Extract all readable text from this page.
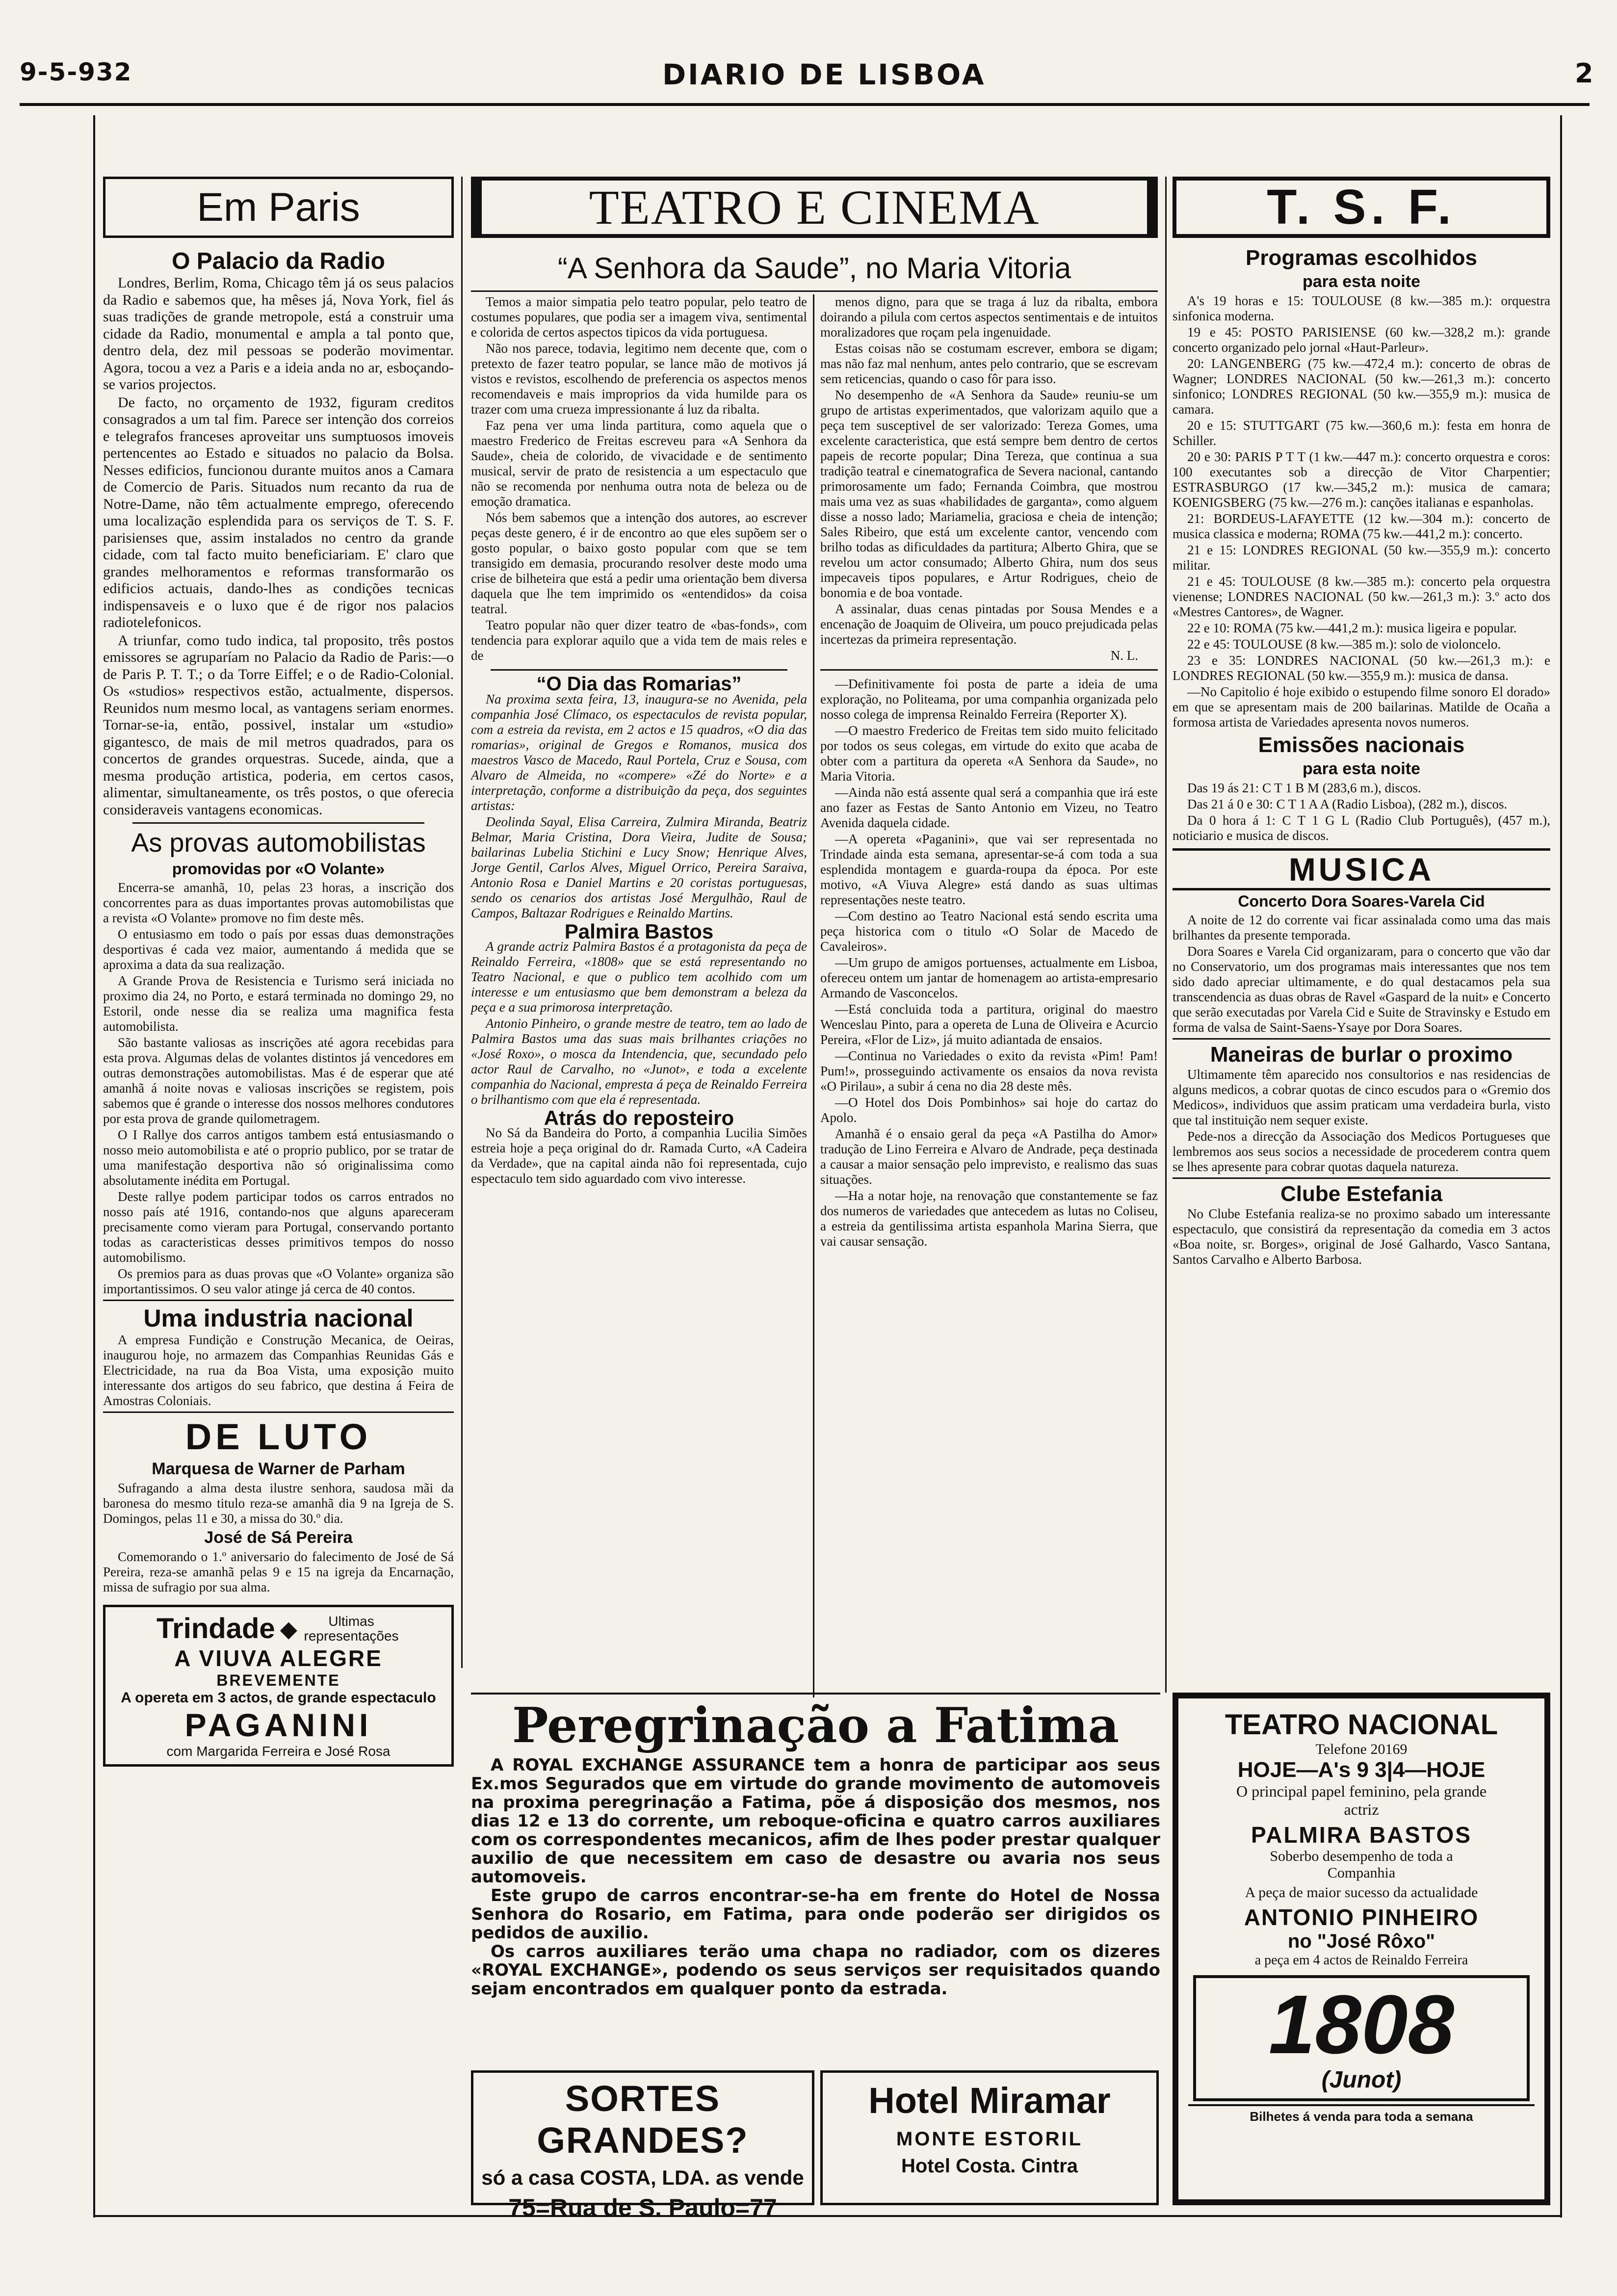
9-5-932	DIARIO DE LISBOA	2
Em Paris
O Palacio da Radio

Londres, Berlim, Roma, Chicago têm já os seus palacios da Radio e sabemos que, ha mêses já, Nova York, fiel ás suas tradições de grande metropole, está a construir uma cidade da Radio, monumental e ampla a tal ponto que, dentro dela, dez mil pessoas se poderão movimentar. Agora, tocou a vez a Paris e a ideia anda no ar, esboçando-se varios projectos.

De facto, no orçamento de 1932, figuram creditos consagrados a um tal fim. Parece ser intenção dos correios e telegrafos franceses aproveitar uns sumptuosos imoveis pertencentes ao Estado e situados no palacio da Bolsa. Nesses edificios, funcionou durante muitos anos a Camara de Comercio de Paris. Situados num recanto da rua de Notre-Dame, não têm actualmente emprego, oferecendo uma localização esplendida para os serviços de T. S. F. parisienses que, assim instalados no centro da grande cidade, com tal facto muito beneficiariam. E' claro que grandes melhoramentos e reformas transformarão os edificios actuais, dando-lhes as condições tecnicas indispensaveis e o luxo que é de rigor nos palacios radiotelefonicos.

A triunfar, como tudo indica, tal proposito, três postos emissores se agruparíam no Palacio da Radio de Paris:—o de Paris P. T. T.; o da Torre Eiffel; e o de Radio-Colonial. Os «studios» respectivos estão, actualmente, dispersos. Reunidos num mesmo local, as vantagens seriam enormes. Tornar-se-ia, então, possivel, instalar um «studio» gigantesco, de mais de mil metros quadrados, para os concertos de grandes orquestras. Sucede, ainda, que a mesma produção artistica, poderia, em certos casos, alimentar, simultaneamente, os três postos, o que oferecia consideraveis vantagens economicas.

As provas automobilistas
promovidas por «O Volante»

Encerra-se amanhã, 10, pelas 23 horas, a inscrição dos concorrentes para as duas importantes provas automobilistas que a revista «O Volante» promove no fim deste mês.

O entusiasmo em todo o país por essas duas demonstrações desportivas é cada vez maior, aumentando á medida que se aproxima a data da sua realização.

A Grande Prova de Resistencia e Turismo será iniciada no proximo dia 24, no Porto, e estará terminada no domingo 29, no Estoril, onde nesse dia se realiza uma magnifica festa automobilista.

São bastante valiosas as inscrições até agora recebidas para esta prova. Algumas delas de volantes distintos já vencedores em outras demonstrações automobilistas. Mas é de esperar que até amanhã á noite novas e valiosas inscrições se registem, pois sabemos que é grande o interesse dos nossos melhores condutores por esta prova de grande quilometragem.

O I Rallye dos carros antigos tambem está entusiasmando o nosso meio automobilista e até o proprio publico, por se tratar de uma manifestação desportiva não só originalissima como absolutamente inédita em Portugal.

Deste rallye podem participar todos os carros entrados no nosso país até 1916, contando-nos que alguns apareceram precisamente como vieram para Portugal, conservando portanto todas as caracteristicas desses primitivos tempos do nosso automobilismo.

Os premios para as duas provas que «O Volante» organiza são importantissimos. O seu valor atinge já cerca de 40 contos.

Uma industria nacional

A empresa Fundição e Construção Mecanica, de Oeiras, inaugurou hoje, no armazem das Companhias Reunidas Gás e Electricidade, na rua da Boa Vista, uma exposição muito interessante dos artigos do seu fabrico, que destina á Feira de Amostras Coloniais.

DE LUTO
Marquesa de Warner de Parham
Sufragando a alma desta ilustre senhora, saudosa mãi da baronesa do mesmo titulo reza-se amanhã dia 9 na Igreja de S. Domingos, pelas 11 e 30, a missa do 30.º dia.
José de Sá Pereira
Comemorando o 1.º aniversario do falecimento de José de Sá Pereira, reza-se amanhã pelas 9 e 15 na igreja da Encarnação, missa de sufragio por sua alma.
Trindade ◆	Ultimas representações
A VIUVA ALEGRE
BREVEMENTE
A opereta em 3 actos, de grande espectaculo
PAGANINI
com Margarida Ferreira e José Rosa
TEATRO E CINEMA
“A Senhora da Saude”, no Maria Vitoria

Temos a maior simpatia pelo teatro popular, pelo teatro de costumes populares, que podia ser a imagem viva, sentimental e colorida de certos aspectos tipicos da vida portuguesa.

Não nos parece, todavia, legitimo nem decente que, com o pretexto de fazer teatro popular, se lance mão de motivos já vistos e revistos, escolhendo de preferencia os aspectos menos recomendaveis e mais improprios da vida humilde para os trazer com uma crueza impressionante á luz da ribalta.

Faz pena ver uma linda partitura, como aquela que o maestro Frederico de Freitas escreveu para «A Senhora da Saude», cheia de colorido, de vivacidade e de sentimento musical, servir de prato de resistencia a um espectaculo que não se recomenda por nenhuma outra nota de beleza ou de emoção dramatica.

Nós bem sabemos que a intenção dos autores, ao escrever peças deste genero, é ir de encontro ao que eles supõem ser o gosto popular, o baixo gosto popular com que se tem transigido em demasia, procurando resolver deste modo uma crise de bilheteira que está a pedir uma orientação bem diversa daquela que lhe tem imprimido os «entendidos» da coisa teatral.

Teatro popular não quer dizer teatro de «bas-fonds», com tendencia para explorar aquilo que a vida tem de mais reles e de

“O Dia das Romarias”

Na proxima sexta feira, 13, inaugura-se no Avenida, pela companhia José Clímaco, os espectaculos de revista popular, com a estreia da revista, em 2 actos e 15 quadros, «O dia das romarias», original de Gregos e Romanos, musica dos maestros Vasco de Macedo, Raul Portela, Cruz e Sousa, com Alvaro de Almeida, no «compere» «Zé do Norte» e a interpretação, conforme a distribuição da peça, dos seguintes artistas:

Deolinda Sayal, Elisa Carreira, Zulmira Miranda, Beatriz Belmar, Maria Cristina, Dora Vieira, Judite de Sousa; bailarinas Lubelia Stichini e Lucy Snow; Henrique Alves, Jorge Gentil, Carlos Alves, Miguel Orrico, Pereira Saraiva, Antonio Rosa e Daniel Martins e 20 coristas portuguesas, sendo os cenarios dos artistas José Mergulhão, Raul de Campos, Baltazar Rodrigues e Reinaldo Martins.

Palmira Bastos

A grande actriz Palmira Bastos é a protagonista da peça de Reinaldo Ferreira, «1808» que se está representando no Teatro Nacional, e que o publico tem acolhido com um interesse e um entusiasmo que bem demonstram a beleza da peça e a sua primorosa interpretação.

Antonio Pinheiro, o grande mestre de teatro, tem ao lado de Palmira Bastos uma das suas mais brilhantes criações no «José Roxo», o mosca da Intendencia, que, secundado pelo actor Raul de Carvalho, no «Junot», e toda a excelente companhia do Nacional, empresta á peça de Reinaldo Ferreira o brilhantismo com que ela é representada.

Atrás do reposteiro

No Sá da Bandeira do Porto, a companhia Lucilia Simões estreia hoje a peça original do dr. Ramada Curto, «A Cadeira da Verdade», que na capital ainda não foi representada, cujo espectaculo tem sido aguardado com vivo interesse.

menos digno, para que se traga á luz da ribalta, embora doirando a pilula com certos aspectos sentimentais e de intuitos moralizadores que roçam pela ingenuidade.

Estas coisas não se costumam escrever, embora se digam; mas não faz mal nenhum, antes pelo contrario, que se escrevam sem reticencias, quando o caso fôr para isso.

No desempenho de «A Senhora da Saude» reuniu-se um grupo de artistas experimentados, que valorizam aquilo que a peça tem susceptivel de ser valorizado: Tereza Gomes, uma excelente caracteristica, que está sempre bem dentro de certos papeis de recorte popular; Dina Tereza, que continua a sua tradição teatral e cinematografica de Severa nacional, cantando primorosamente um fado; Fernanda Coimbra, que mostrou mais uma vez as suas «habilidades de garganta», como alguem disse a nosso lado; Mariamelia, graciosa e cheia de intenção; Sales Ribeiro, que está um excelente cantor, vencendo com brilho todas as dificuldades da partitura; Alberto Ghira, que se revelou um actor consumado; Alberto Ghira, num dos seus impecaveis tipos populares, e Artur Rodrigues, cheio de bonomia e de boa vontade.

A assinalar, duas cenas pintadas por Sousa Mendes e a encenação de Joaquim de Oliveira, um pouco prejudicada pelas incertezas da primeira representação.

N. L.

—Definitivamente foi posta de parte a ideia de uma exploração, no Politeama, por uma companhia organizada pelo nosso colega de imprensa Reinaldo Ferreira (Reporter X).

—O maestro Frederico de Freitas tem sido muito felicitado por todos os seus colegas, em virtude do exito que acaba de obter com a partitura da opereta «A Senhora da Saude», no Maria Vitoria.

—Ainda não está assente qual será a companhia que irá este ano fazer as Festas de Santo Antonio em Vizeu, no Teatro Avenida daquela cidade.

—A opereta «Paganini», que vai ser representada no Trindade ainda esta semana, apresentar-se-á com toda a sua esplendida montagem e guarda-roupa da época. Por este motivo, «A Viuva Alegre» está dando as suas ultimas representações neste teatro.

—Com destino ao Teatro Nacional está sendo escrita uma peça historica com o titulo «O Solar de Macedo de Cavaleiros».

—Um grupo de amigos portuenses, actualmente em Lisboa, ofereceu ontem um jantar de homenagem ao artista-empresario Armando de Vasconcelos.

—Está concluida toda a partitura, original do maestro Wenceslau Pinto, para a opereta de Luna de Oliveira e Acurcio Pereira, «Flor de Liz», já muito adiantada de ensaios.

—Continua no Variedades o exito da revista «Pim! Pam! Pum!», prosseguindo activamente os ensaios da nova revista «O Pirilau», a subir á cena no dia 28 deste mês.

—O Hotel dos Dois Pombinhos» sai hoje do cartaz do Apolo.

Amanhã é o ensaio geral da peça «A Pastilha do Amor» tradução de Lino Ferreira e Alvaro de Andrade, peça destinada a causar a maior sensação pelo imprevisto, e realismo das suas situações.

—Ha a notar hoje, na renovação que constantemente se faz dos numeros de variedades que antecedem as lutas no Coliseu, a estreia da gentilissima artista espanhola Marina Sierra, que vai causar sensação.

T. S. F.
Programas escolhidos
para esta noite

A's 19 horas e 15: TOULOUSE (8 kw.—385 m.): orquestra sinfonica moderna.

19 e 45: POSTO PARISIENSE (60 kw.—328,2 m.): grande concerto organizado pelo jornal «Haut-Parleur».

20: LANGENBERG (75 kw.—472,4 m.): concerto de obras de Wagner; LONDRES NACIONAL (50 kw.—261,3 m.): concerto sinfonico; LONDRES REGIONAL (50 kw.—355,9 m.): musica de camara.

20 e 15: STUTTGART (75 kw.—360,6 m.): festa em honra de Schiller.

20 e 30: PARIS P T T (1 kw.—447 m.): concerto orquestra e coros: 100 executantes sob a direcção de Vitor Charpentier; ESTRASBURGO (17 kw.—345,2 m.): musica de camara; KOENIGSBERG (75 kw.—276 m.): canções italianas e espanholas.

21: BORDEUS-LAFAYETTE (12 kw.—304 m.): concerto de musica classica e moderna; ROMA (75 kw.—441,2 m.): concerto.

21 e 15: LONDRES REGIONAL (50 kw.—355,9 m.): concerto militar.

21 e 45: TOULOUSE (8 kw.—385 m.): concerto pela orquestra vienense; LONDRES NACIONAL (50 kw.—261,3 m.): 3.º acto dos «Mestres Cantores», de Wagner.

22 e 10: ROMA (75 kw.—441,2 m.): musica ligeira e popular.

22 e 45: TOULOUSE (8 kw.—385 m.): solo de violoncelo.

23 e 35: LONDRES NACIONAL (50 kw.—261,3 m.): e LONDRES REGIONAL (50 kw.—355,9 m.): musica de dansa.

—No Capitolio é hoje exibido o estupendo filme sonoro El dorado» em que se apresentam mais de 200 bailarinas. Matilde de Ocaña a formosa artista de Variedades apresenta novos numeros.

Emissões nacionais
para esta noite

Das 19 ás 21: C T 1 B M (283,6 m.), discos.

Das 21 á 0 e 30: C T 1 A A (Radio Lisboa), (282 m.), discos.

Da 0 hora á 1: C T 1 G L (Radio Club Português), (457 m.), noticiario e musica de discos.

MUSICA
Concerto Dora Soares-Varela Cid

A noite de 12 do corrente vai ficar assinalada como uma das mais brilhantes da presente temporada.

Dora Soares e Varela Cid organizaram, para o concerto que vão dar no Conservatorio, um dos programas mais interessantes que nos tem sido dado apreciar ultimamente, e do qual destacamos pela sua transcendencia as duas obras de Ravel «Gaspard de la nuit» e Concerto que serão executadas por Varela Cid e Suite de Stravinsky e Estudo em forma de valsa de Saint-Saens-Ysaye por Dora Soares.

Maneiras de burlar o proximo

Ultimamente têm aparecido nos consultorios e nas residencias de alguns medicos, a cobrar quotas de cinco escudos para o «Gremio dos Medicos», individuos que assim praticam uma verdadeira burla, visto que tal instituição nem sequer existe.

Pede-nos a direcção da Associação dos Medicos Portugueses que lembremos aos seus socios a necessidade de procederem contra quem se lhes apresente para cobrar quotas daquela natureza.

Clube Estefania

No Clube Estefania realiza-se no proximo sabado um interessante espectaculo, que consistirá da representação da comedia em 3 actos «Boa noite, sr. Borges», original de José Galhardo, Vasco Santana, Santos Carvalho e Alberto Barbosa.

Peregrinação a Fatima
A ROYAL EXCHANGE ASSURANCE tem a honra de participar aos seus Ex.mos Segurados que em virtude do grande movimento de automoveis na proxima peregrinação a Fatima, põe á disposição dos mesmos, nos dias 12 e 13 do corrente, um reboque-oficina e quatro carros auxiliares com os correspondentes mecanicos, afim de lhes poder prestar qualquer auxilio de que necessitem em caso de desastre ou avaria nos seus automoveis.
Este grupo de carros encontrar-se-ha em frente do Hotel de Nossa Senhora do Rosario, em Fatima, para onde poderão ser dirigidos os pedidos de auxilio.
Os carros auxiliares terão uma chapa no radiador, com os dizeres «ROYAL EXCHANGE», podendo os seus serviços ser requisitados quando sejam encontrados em qualquer ponto da estrada.
SORTES GRANDES?
só a casa COSTA, LDA. as vende
75=Rua de S. Paulo=77
Hotel Miramar
MONTE ESTORIL
Hotel Costa. Cintra
TEATRO NACIONAL
Telefone 20169
HOJE—A's 9 3|4—HOJE
O principal papel feminino, pela grande actriz
PALMIRA BASTOS
Soberbo desempenho de toda a Companhia
A peça de maior sucesso da actualidade
ANTONIO PINHEIRO
no "José Rôxo"
a peça em 4 actos de Reinaldo Ferreira
1808
(Junot)
Bilhetes á venda para toda a semana
